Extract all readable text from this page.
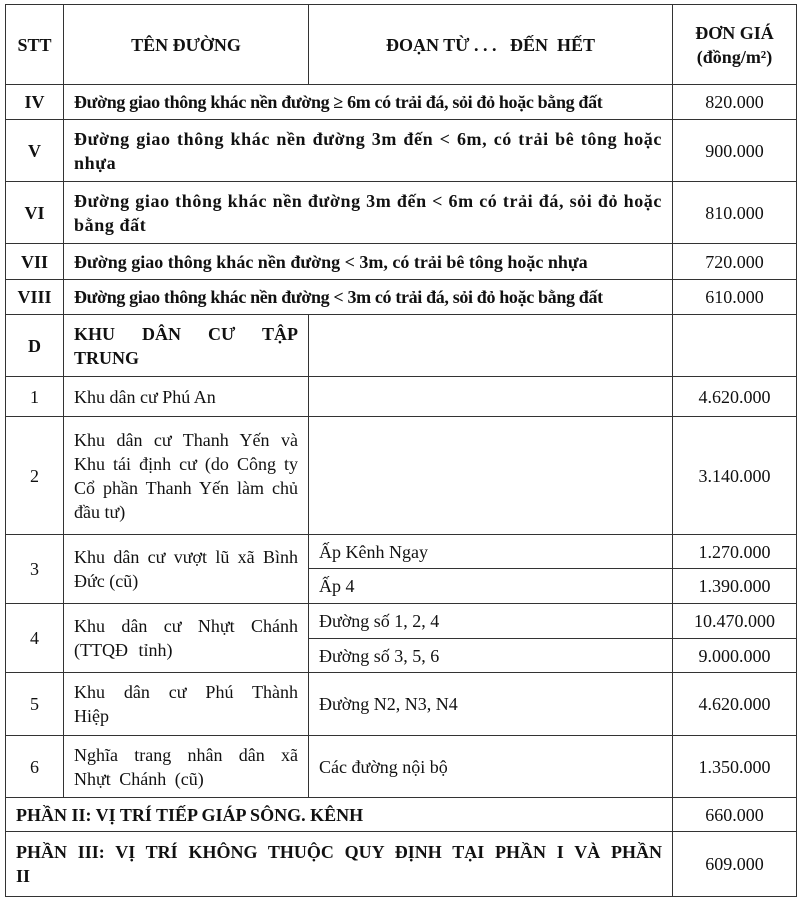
STT	TÊN ĐƯỜNG	ĐOẠN TỪ . . .   ĐẾN  HẾT	ĐƠN GIÁ
(đồng/m²)

IV	Đường giao thông khác nền đường ≥ 6m có trải đá, sỏi đỏ hoặc bằng đất		820.000
V	Đường giao thông khác nền đường 3m đến < 6m, có trải bê tông hoặc nhựa		900.000
VI	Đường giao thông khác nền đường 3m đến < 6m có trải đá, sỏi đỏ hoặc bằng đất		810.000
VII	Đường giao thông khác nền đường < 3m, có trải bê tông hoặc nhựa		720.000
VIII	Đường giao thông khác nền đường < 3m có trải đá, sỏi đỏ hoặc bằng đất		610.000
D	KHU DÂN CƯ TẬP TRUNG		
1	Khu dân cư Phú An		4.620.000
2	Khu dân cư Thanh Yến và Khu tái định cư (do Công ty Cổ phần Thanh Yến làm chủ đầu tư)		3.140.000
3	Khu dân cư vượt lũ xã Bình Đức (cũ)	Ấp Kênh Ngay	1.270.000
		Ấp 4	1.390.000
4	Khu dân cư Nhựt Chánh (TTQĐ tỉnh)	Đường số 1, 2, 4	10.470.000
		Đường số 3, 5, 6	9.000.000
5	Khu dân cư Phú Thành Hiệp	Đường N2, N3, N4	4.620.000
6	Nghĩa trang nhân dân xã Nhựt Chánh (cũ)	Các đường nội bộ	1.350.000
PHẦN II: VỊ TRÍ TIẾP GIÁP SÔNG. KÊNH			660.000
PHẦN III: VỊ TRÍ KHÔNG THUỘC QUY ĐỊNH TẠI PHẦN I VÀ PHẦN II			609.000
